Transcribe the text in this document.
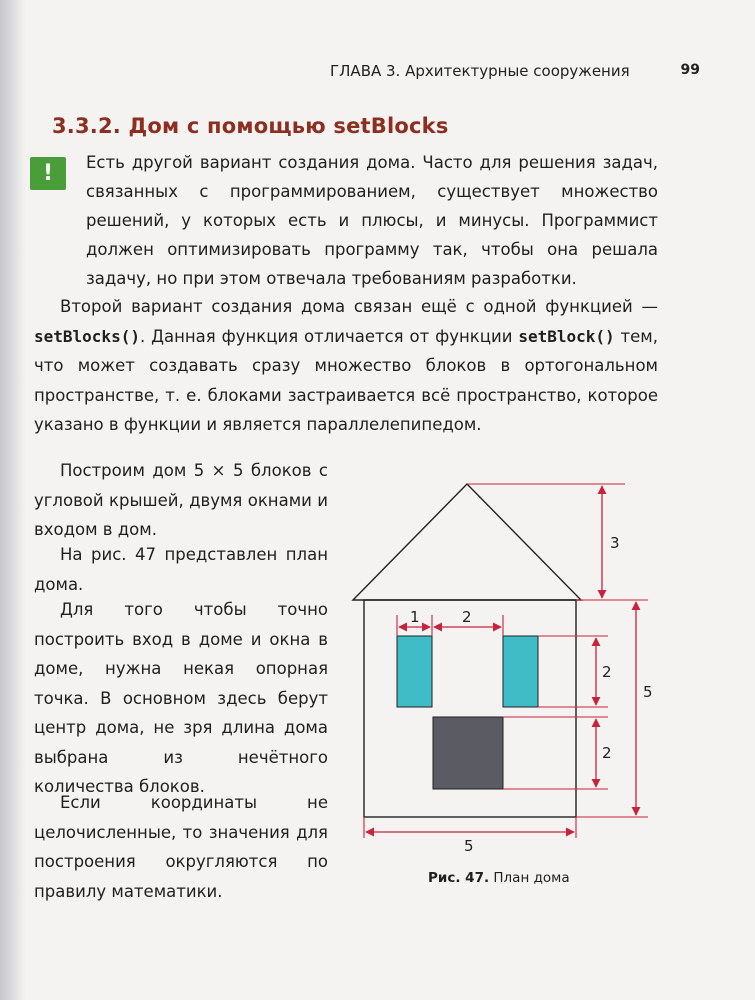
ГЛАВА 3. Архитектурные сооружения	99
3.3.2. Дом с помощью setBlocks
!	Есть другой вариант создания дома. Часто для решения задач, связанных с программированием, существует множество решений, у которых есть и плюсы, и минусы. Программист должен оптимизировать программу так, чтобы она решала задачу, но при этом отвечала требованиям разработки.
Второй вариант создания дома связан ещё с одной функцией — setBlocks(). Данная функция отличается от функции setBlock() тем, что может создавать сразу множество блоков в ортогональном пространстве, т. е. блоками застраивается всё пространство, которое указано в функции и является параллелепипедом.

Построим дом 5 × 5 блоков с угловой крышей, двумя окнами и входом в дом.

На рис. 47 представлен план дома.

Для того чтобы точно построить вход в доме и окна в доме, нужна некая опорная точка. В основном здесь берут центр дома, не зря длина дома выбрана из нечётного количества блоков.

Если координаты не целочисленные, то значения для построения округляются по правилу математики.

3
1	2
2
5
2
5
Рис. 47. План дома
